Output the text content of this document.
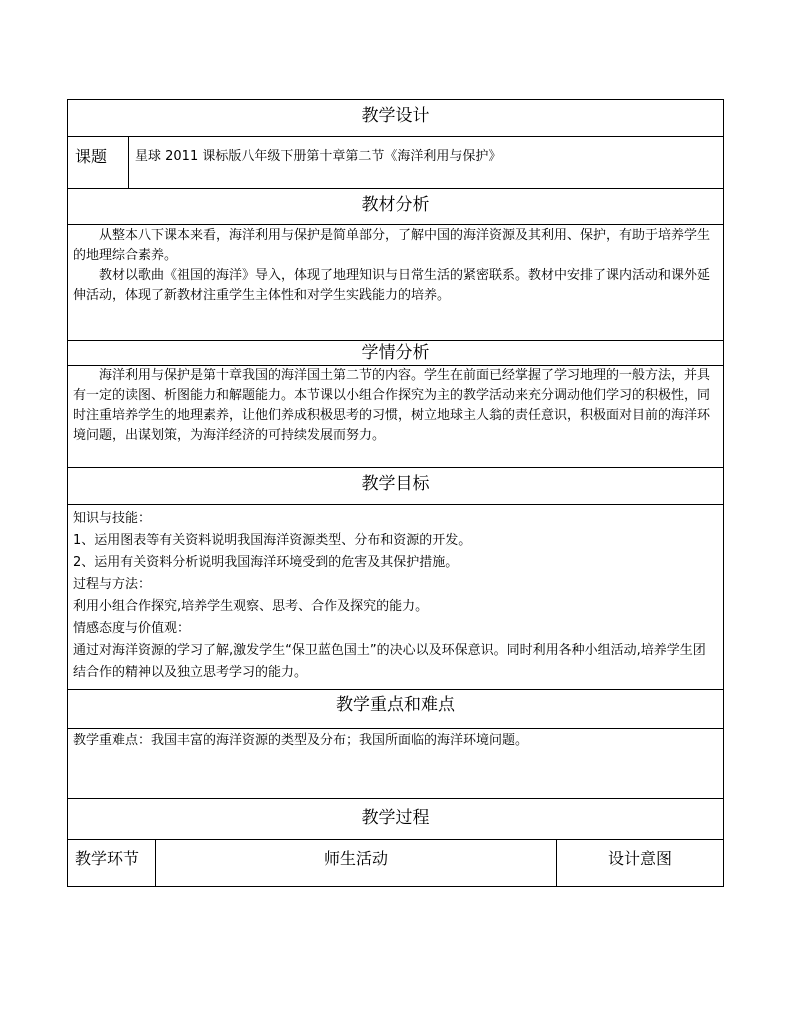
教学设计
课题	星球 2011 课标版八年级下册第十章第二节《海洋利用与保护》
教材分析

从整本八下课本来看，海洋利用与保护是简单部分，了解中国的海洋资源及其利用、保护，有助于培养学生的地理综合素养。

教材以歌曲《祖国的海洋》导入，体现了地理知识与日常生活的紧密联系。教材中安排了课内活动和课外延伸活动，体现了新教材注重学生主体性和对学生实践能力的培养。

学情分析

海洋利用与保护是第十章我国的海洋国土第二节的内容。学生在前面已经掌握了学习地理的一般方法，并具有一定的读图、析图能力和解题能力。本节课以小组合作探究为主的教学活动来充分调动他们学习的积极性，同时注重培养学生的地理素养，让他们养成积极思考的习惯，树立地球主人翁的责任意识，积极面对目前的海洋环境问题，出谋划策，为海洋经济的可持续发展而努力。

教学目标

知识与技能：

1、运用图表等有关资料说明我国海洋资源类型、分布和资源的开发。

2、运用有关资料分析说明我国海洋环境受到的危害及其保护措施。

过程与方法：

利用小组合作探究,培养学生观察、思考、合作及探究的能力。

情感态度与价值观：

通过对海洋资源的学习了解,激发学生“保卫蓝色国土”的决心以及环保意识。同时利用各种小组活动,培养学生团结合作的精神以及独立思考学习的能力。

教学重点和难点

教学重难点：我国丰富的海洋资源的类型及分布；我国所面临的海洋环境问题。

教学过程
教学环节	师生活动	设计意图
